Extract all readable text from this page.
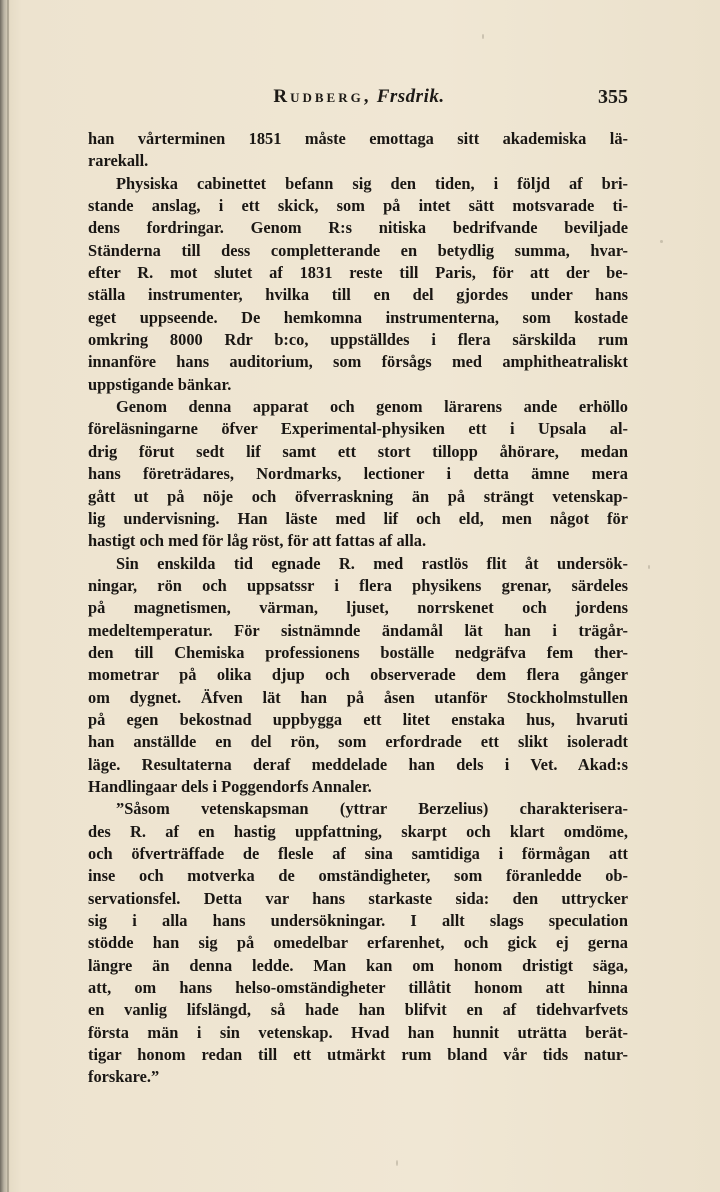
Rudberg, Frsdrik.	355
han vårterminen 1851 måste emottaga sitt akademiska lä-
rarekall.
Physiska cabinettet befann sig den tiden, i följd af bri-
stande anslag, i ett skick, som på intet sätt motsvarade ti-
dens fordringar. Genom R:s nitiska bedrifvande beviljade
Ständerna till dess completterande en betydlig summa, hvar-
efter R. mot slutet af 1831 reste till Paris, för att der be-
ställa instrumenter, hvilka till en del gjordes under hans
eget uppseende. De hemkomna instrumenterna, som kostade
omkring 8000 Rdr b:co, uppställdes i flera särskilda rum
innanföre hans auditorium, som försågs med amphitheatraliskt
uppstigande bänkar.
Genom denna apparat och genom lärarens ande erhöllo
föreläsningarne öfver Experimental-physiken ett i Upsala al-
drig förut sedt lif samt ett stort tillopp åhörare, medan
hans företrädares, Nordmarks, lectioner i detta ämne mera
gått ut på nöje och öfverraskning än på strängt vetenskap-
lig undervisning. Han läste med lif och eld, men något för
hastigt och med för låg röst, för att fattas af alla.
Sin enskilda tid egnade R. med rastlös flit åt undersök-
ningar, rön och uppsatssr i flera physikens grenar, särdeles
på magnetismen, värman, ljuset, norrskenet och jordens
medeltemperatur. För sistnämnde ändamål lät han i trägår-
den till Chemiska professionens boställe nedgräfva fem ther-
mometrar på olika djup och observerade dem flera gånger
om dygnet. Äfven lät han på åsen utanför Stockholmstullen
på egen bekostnad uppbygga ett litet enstaka hus, hvaruti
han anställde en del rön, som erfordrade ett slikt isoleradt
läge. Resultaterna deraf meddelade han dels i Vet. Akad:s
Handlingaar dels i Poggendorfs Annaler.
”Såsom vetenskapsman (yttrar Berzelius) charakterisera-
des R. af en hastig uppfattning, skarpt och klart omdöme,
och öfverträffade de flesle af sina samtidiga i förmågan att
inse och motverka de omständigheter, som föranledde ob-
servationsfel. Detta var hans starkaste sida: den uttrycker
sig i alla hans undersökningar. I allt slags speculation
stödde han sig på omedelbar erfarenhet, och gick ej gerna
längre än denna ledde. Man kan om honom dristigt säga,
att, om hans helso-omständigheter tillåtit honom att hinna
en vanlig lifslängd, så hade han blifvit en af tidehvarfvets
första män i sin vetenskap. Hvad han hunnit uträtta berät-
tigar honom redan till ett utmärkt rum bland vår tids natur-
forskare.”
